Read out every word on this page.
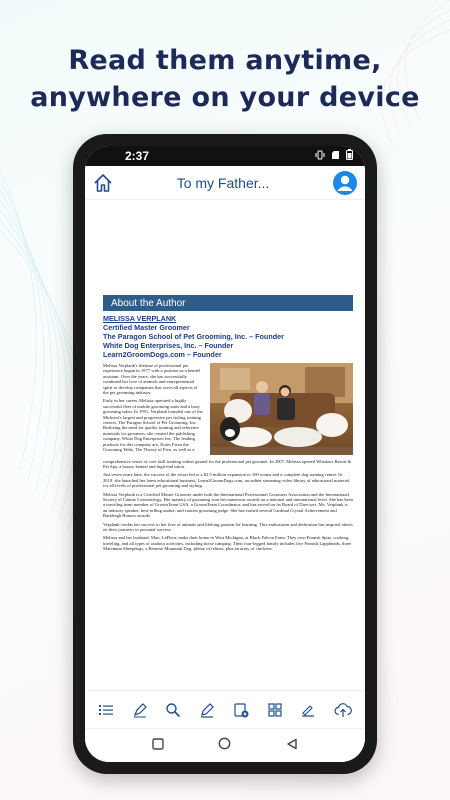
Read them anytime,
anywhere on your device
2:37
To my Father...
About the Author
MELISSA VERPLANK
Certified Master Groomer
The Paragon School of Pet Grooming, Inc. – Founder
White Dog Enterprises, Inc. – Founder
Learn2GroomDogs.com – Founder

Melissa Verplank's lifetime of professional pet experience began in 1977 with a position as a kennel assistant. Over the years, she has successfully combined her love of animals and entrepreneurial spirit to develop companies that serve all aspects of the pet grooming industry.

Early in her career, Melissa operated a highly successful fleet of mobile grooming units and a busy grooming salon. In 1991, Verplank founded one of the Midwest's largest and progressive pet styling training centers, The Paragon School of Pet Grooming, Inc. Realizing the need for quality training and reference materials for groomers, she created the publishing company, White Dog Enterprises Inc. The leading products for this company are, Notes From the Grooming Table, The Theory of Five, as well as a

comprehensive series of core skill training videos geared for the professional pet groomer. In 2007, Melissa opened Whiskers Resort & Pet Spa, a luxury kennel and high-end salon.

Just seven years later, the success of the resort led to a $2.5 million expansion to 100 rooms and a complete dog training center. In 2010, she launched her latest educational business, Learn2GroomDogs.com, an online streaming video library of educational material for all levels of professional pet grooming and styling.

Melissa Verplank is a Certified Master Groomer under both the International Professional Groomers Association and the International Society of Canine Cosmetology. Her mastery of grooming won her numerous awards on a national and international level. She has been a traveling team member of GroomTeam USA, a GroomTeam Coordinator, and has served on its Board of Directors. Ms. Verplank is an industry speaker, best-selling author, and contest grooming judge. She has earned several Cardinal Crystal Achievement and Barkleigh Honors awards.

Verplank credits her success to her love of animals and lifelong passion for learning. This enthusiasm and dedication has inspired others on their journeys to personal success.

Melissa and her husband, Marc LaFleur, make their home in West Michigan, at Black Falcon Farm. They own Finnish Spitz, cooking, traveling, and all types of outdoor activities, including horse camping. Their four-legged family includes five Finnish Lapphunds, three Maremma Sheepdogs, a Bernese Mountain Dog, plenty of felines, plus an array of chickens.
